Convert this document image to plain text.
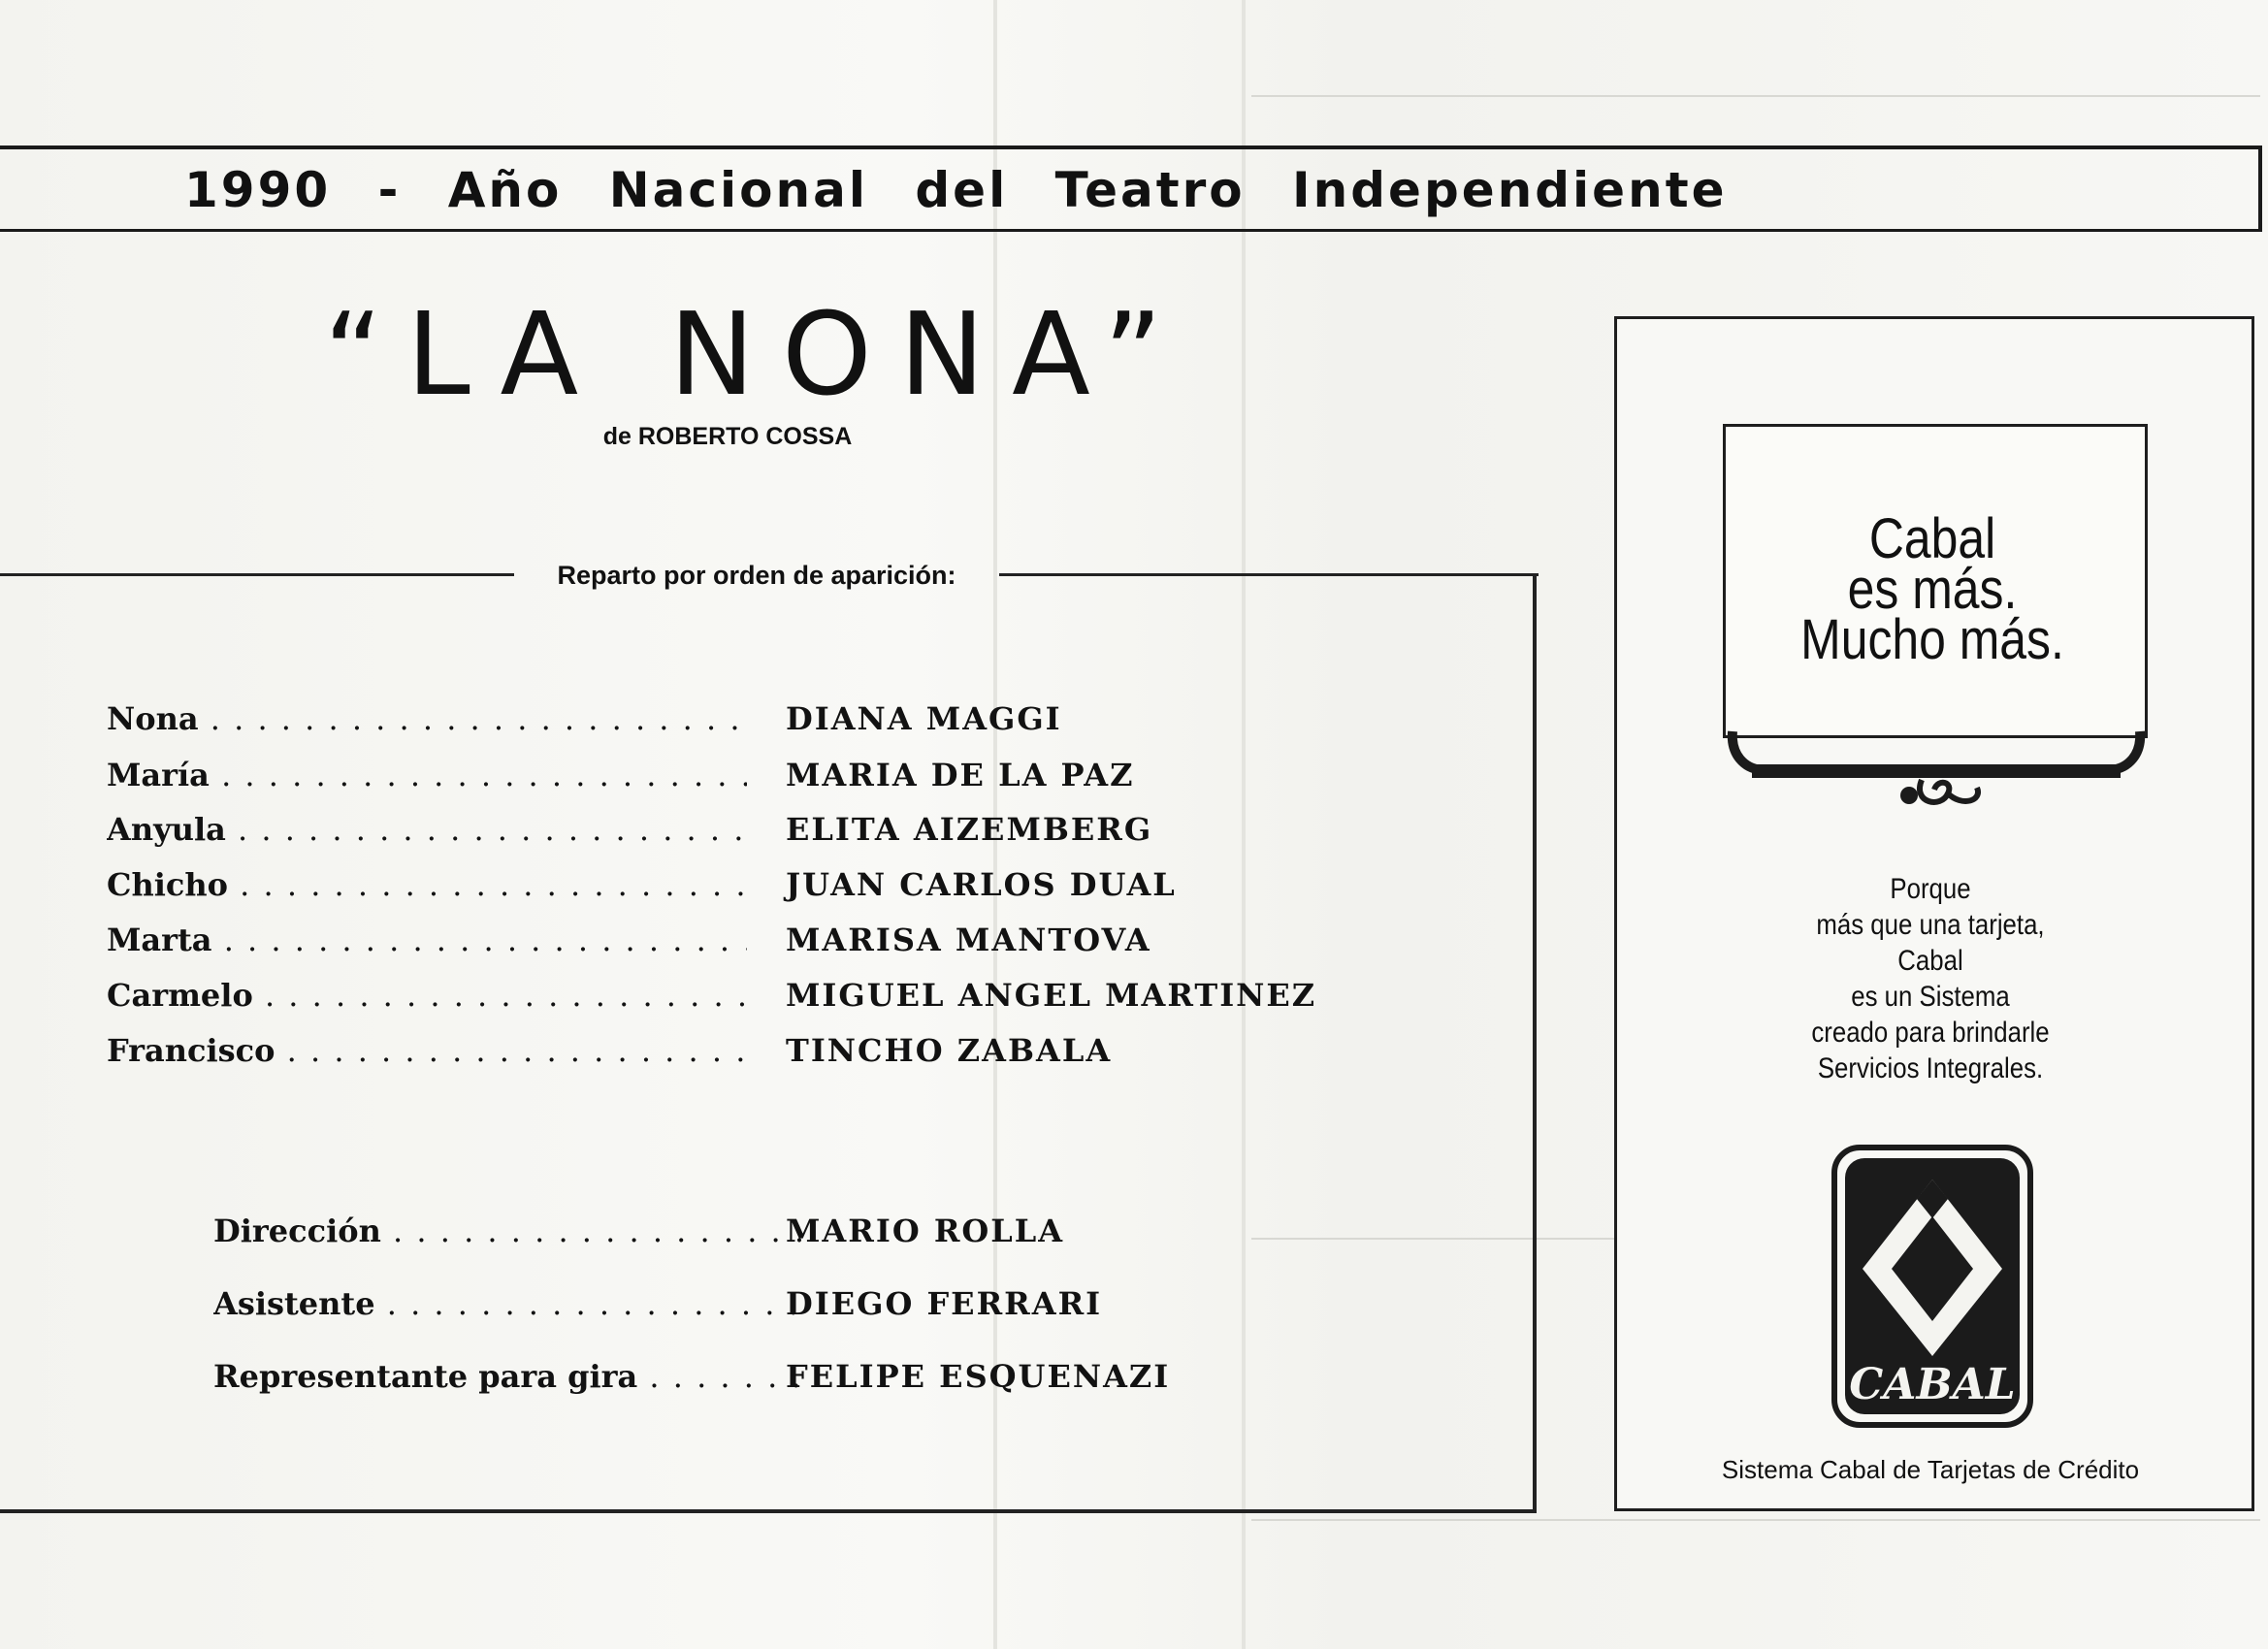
1990 - Año Nacional del Teatro Independiente
“LA NONA”
de ROBERTO COSSA
Reparto por orden de aparición:
Nona . . .	DIANA MAGGI
María . . .	MARIA DE LA PAZ
Anyula . . .	ELITA AIZEMBERG
Chicho . . .	JUAN CARLOS DUAL
Marta . . .	MARISA MANTOVA
Carmelo . . .	MIGUEL ANGEL MARTINEZ
Francisco . . .	TINCHO ZABALA
Dirección . . .	MARIO ROLLA
Asistente . . .	DIEGO FERRARI
Representante para gira . . .	FELIPE ESQUENAZI
Cabal
es más.
Mucho más.
Porque
más que una tarjeta,
Cabal
es un Sistema
creado para brindarle
Servicios Integrales.
CABAL
Sistema Cabal de Tarjetas de Crédito
